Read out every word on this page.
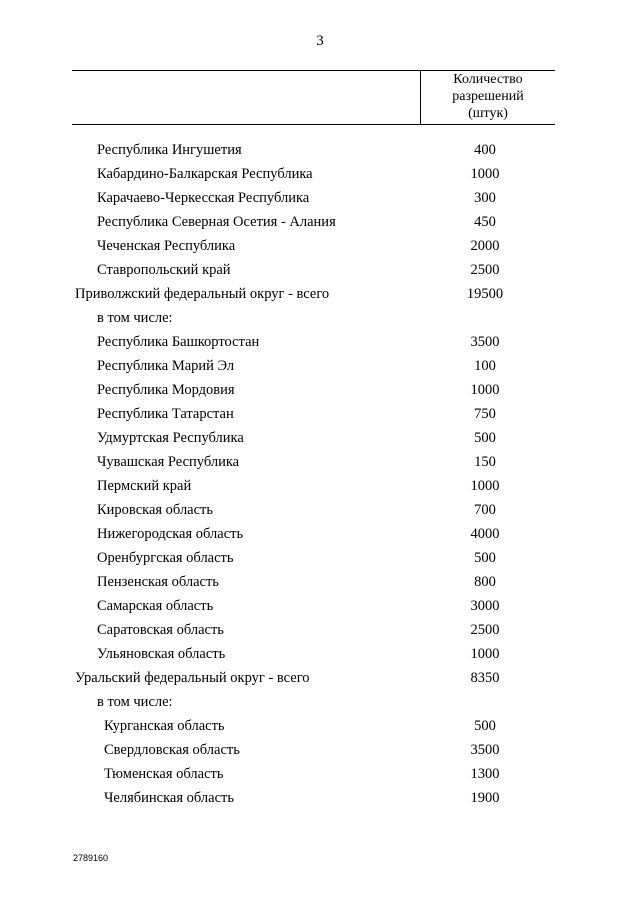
3
Количество
разрешений
(штук)
Республика Ингушетия	400
Кабардино-Балкарская Республика	1000
Карачаево-Черкесская Республика	300
Республика Северная Осетия - Алания	450
Чеченская Республика	2000
Ставропольский край	2500
Приволжский федеральный округ - всего	19500
в том числе:
Республика Башкортостан	3500
Республика Марий Эл	100
Республика Мордовия	1000
Республика Татарстан	750
Удмуртская Республика	500
Чувашская Республика	150
Пермский край	1000
Кировская область	700
Нижегородская область	4000
Оренбургская область	500
Пензенская область	800
Самарская область	3000
Саратовская область	2500
Ульяновская область	1000
Уральский федеральный округ - всего	8350
в том числе:
Курганская область	500
Свердловская область	3500
Тюменская область	1300
Челябинская область	1900
2789160
